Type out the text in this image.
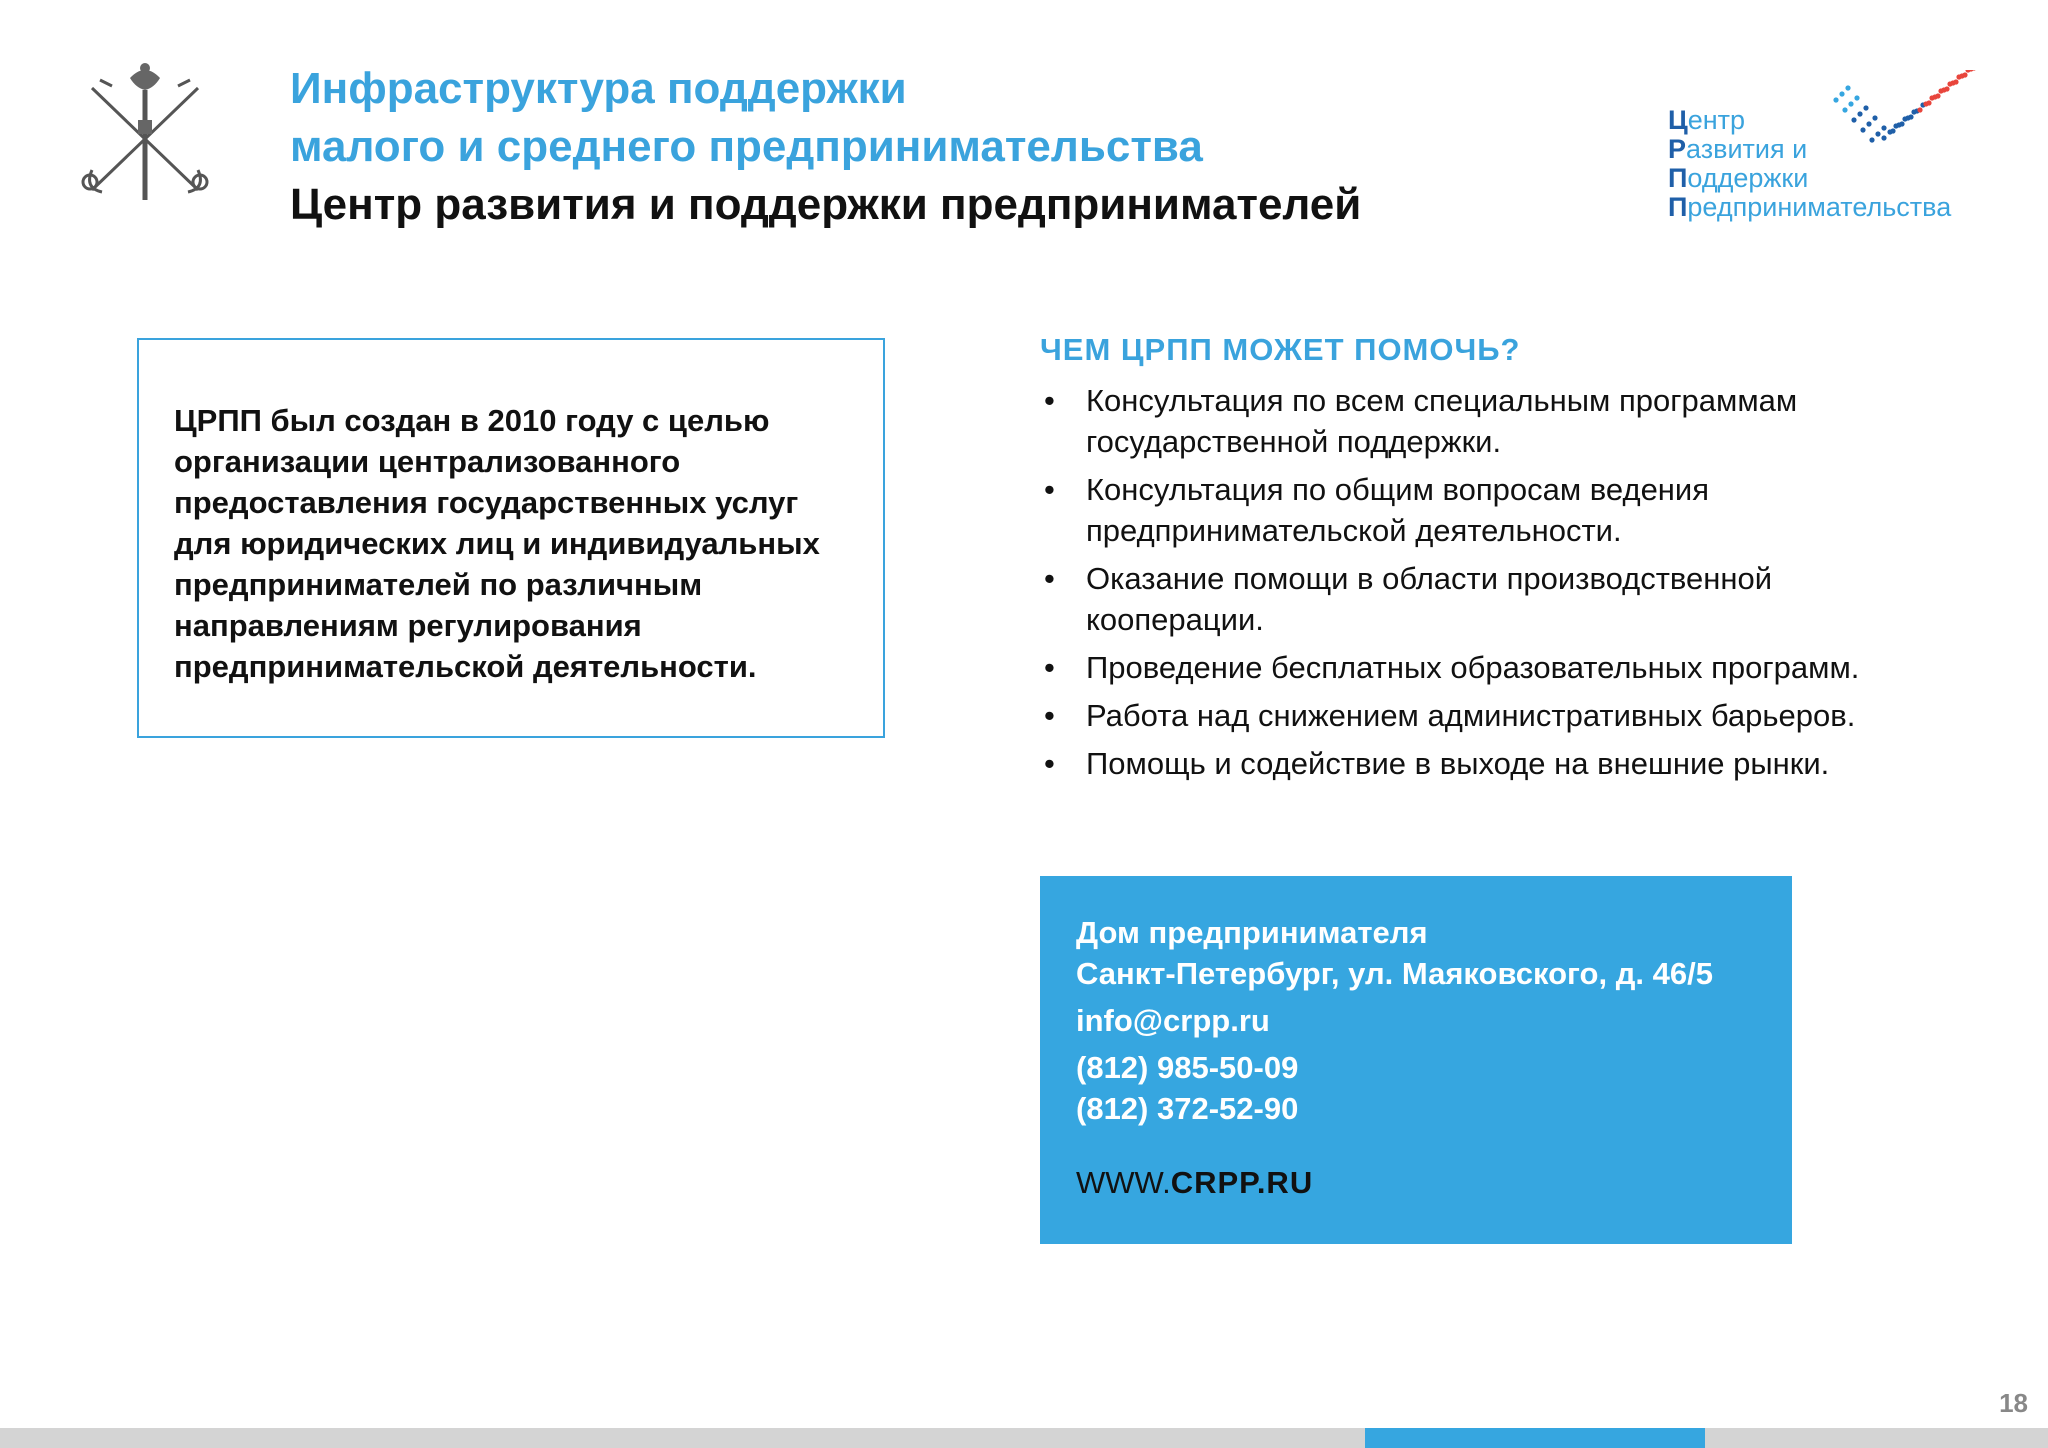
Инфраструктура поддержки
малого и среднего предпринимательства
Центр развития и поддержки предпринимателей
Центр
Развития и
Поддержки
Предпринимательства
ЦРПП был создан в 2010 году с целью организации централизованного предоставления государственных услуг для юридических лиц и индивидуальных предпринимателей по различным направлениям регулирования предпринимательской деятельности.
ЧЕМ ЦРПП МОЖЕТ ПОМОЧЬ?
• Консультация по всем специальным программам государственной поддержки.
• Консультация по общим вопросам ведения предпринимательской деятельности.
• Оказание помощи в области производственной кооперации.
• Проведение бесплатных образовательных программ.
• Работа над снижением административных барьеров.
• Помощь и содействие в выходе на внешние рынки.
Дом предпринимателя
Санкт-Петербург, ул. Маяковского, д. 46/5
info@crpp.ru
(812) 985-50-09
(812) 372-52-90
WWW.CRPP.RU
18
